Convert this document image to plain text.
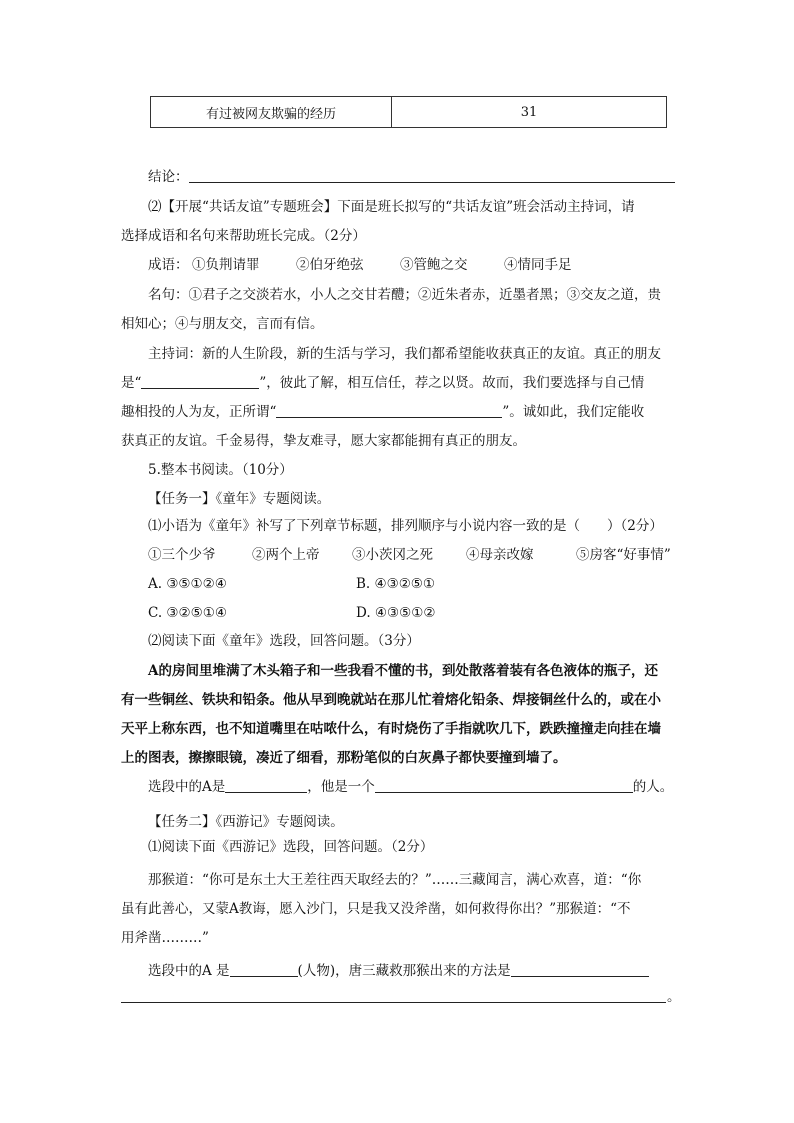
有过被网友欺骗的经历	31
结论：
⑵【开展“共话友谊”专题班会】下面是班长拟写的“共话友谊”班会活动主持词，请
选择成语和名句来帮助班长完成。（2分）
成语： ①负荆请罪	②伯牙绝弦	③管鲍之交	④情同手足
名句：①君子之交淡若水，小人之交甘若醴；②近朱者赤，近墨者黑；③交友之道，贵
相知心；④与朋友交，言而有信。
主持词：新的人生阶段，新的生活与学习，我们都希望能收获真正的友谊。真正的朋友
是“	”，彼此了解，相互信任，荐之以贤。故而，我们要选择与自己情
趣相投的人为友，正所谓“	”。诚如此，我们定能收
获真正的友谊。千金易得，挚友难寻，愿大家都能拥有真正的朋友。
5.整本书阅读。（10分）
【任务一】《童年》专题阅读。
⑴小语为《童年》补写了下列章节标题，排列顺序与小说内容一致的是（　　）（2分）
①三个少爷	②两个上帝 ③小茨冈之死 ④母亲改嫁	⑤房客“好事情”
A. ③⑤①②④	B. ④③②⑤①
C. ③②⑤①④	D. ④③⑤①②
⑵阅读下面《童年》选段，回答问题。（3分）
A的房间里堆满了木头箱子和一些我看不懂的书，到处散落着装有各色液体的瓶子，还
有一些铜丝、铁块和铅条。他从早到晚就站在那儿忙着熔化铅条、焊接铜丝什么的，或在小
天平上称东西，也不知道嘴里在咕哝什么，有时烧伤了手指就吹几下，跌跌撞撞走向挂在墙
上的图表，擦擦眼镜，凑近了细看，那粉笔似的白灰鼻子都快要撞到墙了。
选段中的A是	，他是一个	的人。
【任务二】《西游记》专题阅读。
⑴阅读下面《西游记》选段，回答问题。（2分）
那猴道：“你可是东土大王差往西天取经去的？”……三藏闻言，满心欢喜，道：“你
虽有此善心，又蒙A教诲，愿入沙门，只是我又没斧凿，如何救得你出？”那猴道：“不
用斧凿………”
选段中的A 是	(人物)，唐三藏救那猴出来的方法是
。
